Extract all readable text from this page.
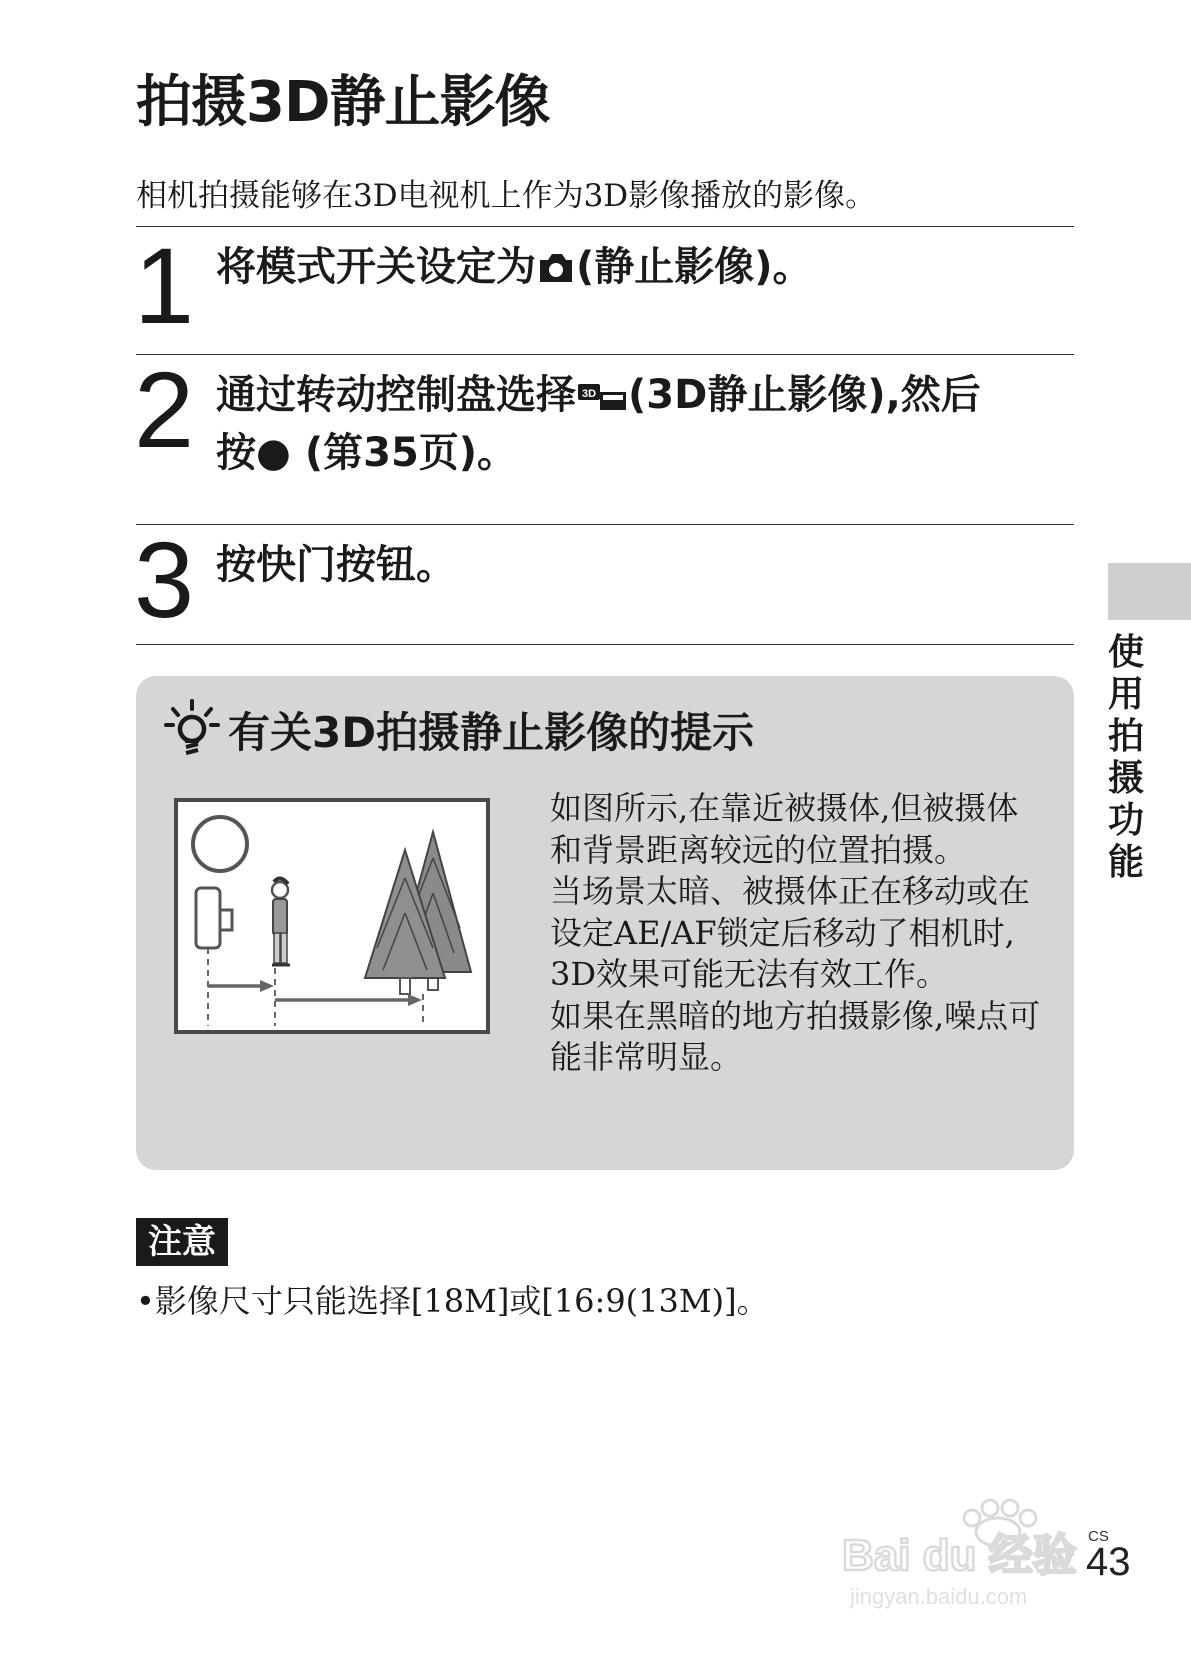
拍摄3D静止影像
相机拍摄能够在3D电视机上作为3D影像播放的影像。
1 将模式开关设定为 (静止影像)。
2 通过转动控制盘选择 3D (3D静止影像),然后
按● (第35页)。
3 按快门按钮。
有关3D拍摄静止影像的提示
如图所示,在靠近被摄体,但被摄体和背景距离较远的位置拍摄。
当场景太暗、被摄体正在移动或在设定AE/AF锁定后移动了相机时, 3D效果可能无法有效工作。
如果在黑暗的地方拍摄影像,噪点可能非常明显。
注意
•影像尺寸只能选择[18M]或[16:9(13M)]。
使用拍摄功能
Bai du 经验
jingyan.baidu.com
CS
43
